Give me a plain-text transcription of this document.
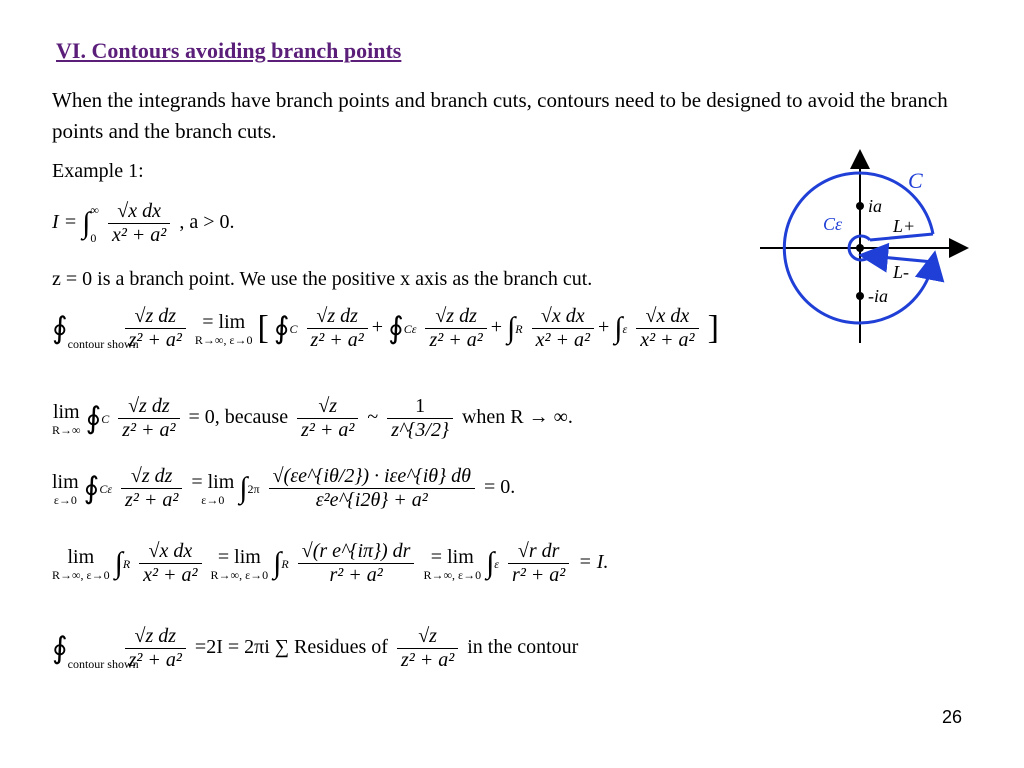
VI. Contours avoiding branch points
When the integrands have branch points and branch cuts, contours need to be designed to avoid the branch points and the branch cuts.
Example 1:
I = ∫ ∞
0
$\frac{\text{√x dx}}{\text{x² + a²}}$ , a > 0.
z = 0 is a branch point. We use the positive x axis as the branch cut.
∮contour shown
$\frac{\text{√z dz}}{\text{z² + a²}}$
= lim
R→∞, ε→0 [ ∮C $\frac{\text{√z dz}}{\text{z² + a²}}$ + ∮Cε $\frac{\text{√z dz}}{\text{z² + a²}} + \int R \frac{\text{√x dx}}{\text{x² + a²}} + \int\varepsilon \frac{\text{√x dx}}{\text{x² + a²}}$ ]
lim
R→∞ ∮C $\frac{\text{√z dz}}{\text{z² + a²}} = 0$, because $\frac{√z}{\text{z² + a²}}$ ~ $\frac{1}{z\^{}\{3/2\}}$ when R → ∞.
lim
ε→0 ∮Cε $\frac{\text{√z dz}}{\text{z² + a²}}$
= lim
ε→0 $\int 2\pi \frac{\text{√(εe\textasciicircum{}\{iθ/2\}) · iεe\textasciicircum{}\{iθ\} dθ}}{\text{ε²e\textasciicircum{}\{i2θ\} + a²}} = 0$.
lim
R→∞, ε→0 $\int R \frac{\text{√x dx}}{\text{x² + a²}}$
= lim
R→∞, ε→0 $\int R \frac{\text{√(r e\textasciicircum{}\{iπ\}) dr}}{\text{r² + a²}}$
= lim
R→∞, ε→0 $\int\varepsilon \frac{\text{√r dr}}{\text{r² + a²}} = I$.
∮contour shown
$\frac{\text{√z dz}}{\text{z² + a²}} =2I = 2\pi i$ ∑ Residues of $\frac{√z}{\text{z² + a²}}$ in the contour
C
Cε
ia
-ia
L+
L-
26
